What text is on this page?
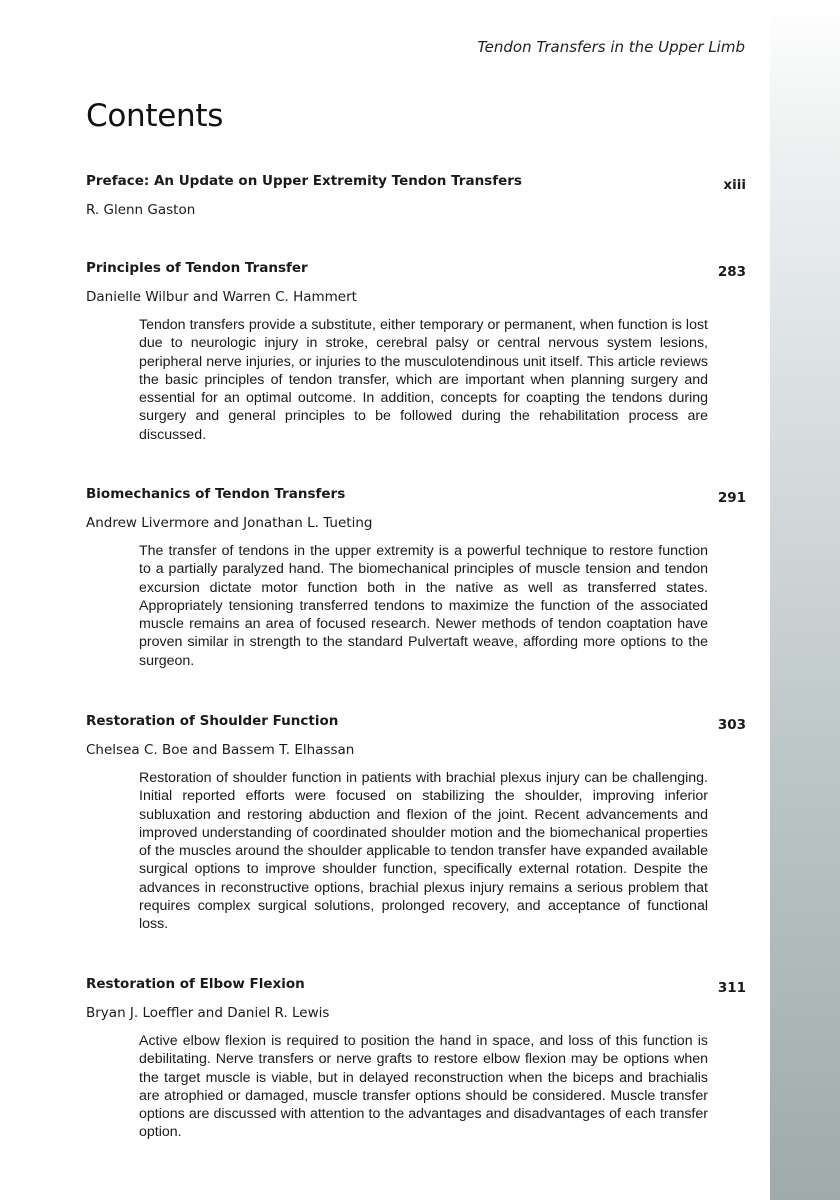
Tendon Transfers in the Upper Limb
Contents
Preface: An Update on Upper Extremity Tendon Transfers	xiii
R. Glenn Gaston
Principles of Tendon Transfer	283
Danielle Wilbur and Warren C. Hammert
Tendon transfers provide a substitute, either temporary or permanent, when function is lost due to neurologic injury in stroke, cerebral palsy or central nervous system lesions, peripheral nerve injuries, or injuries to the musculotendinous unit itself. This article reviews the basic principles of tendon transfer, which are important when planning surgery and essential for an optimal outcome. In addition, concepts for coapting the tendons during surgery and general principles to be followed during the rehabilitation process are discussed.
Biomechanics of Tendon Transfers	291
Andrew Livermore and Jonathan L. Tueting
The transfer of tendons in the upper extremity is a powerful technique to restore function to a partially paralyzed hand. The biomechanical principles of muscle tension and tendon excursion dictate motor function both in the native as well as transferred states. Appropriately tensioning transferred tendons to maximize the function of the associated muscle remains an area of focused research. Newer methods of tendon coaptation have proven similar in strength to the standard Pulvertaft weave, affording more options to the surgeon.
Restoration of Shoulder Function	303
Chelsea C. Boe and Bassem T. Elhassan
Restoration of shoulder function in patients with brachial plexus injury can be challenging. Initial reported efforts were focused on stabilizing the shoulder, improving inferior subluxation and restoring abduction and flexion of the joint. Recent advancements and improved understanding of coordinated shoulder motion and the biomechanical properties of the muscles around the shoulder applicable to tendon transfer have expanded available surgical options to improve shoulder function, specifically external rotation. Despite the advances in reconstructive options, brachial plexus injury remains a serious problem that requires complex surgical solutions, prolonged recovery, and acceptance of functional loss.
Restoration of Elbow Flexion	311
Bryan J. Loeffler and Daniel R. Lewis
Active elbow flexion is required to position the hand in space, and loss of this function is debilitating. Nerve transfers or nerve grafts to restore elbow flexion may be options when the target muscle is viable, but in delayed reconstruction when the biceps and brachialis are atrophied or damaged, muscle transfer options should be considered. Muscle transfer options are discussed with attention to the advantages and disadvantages of each transfer option.
